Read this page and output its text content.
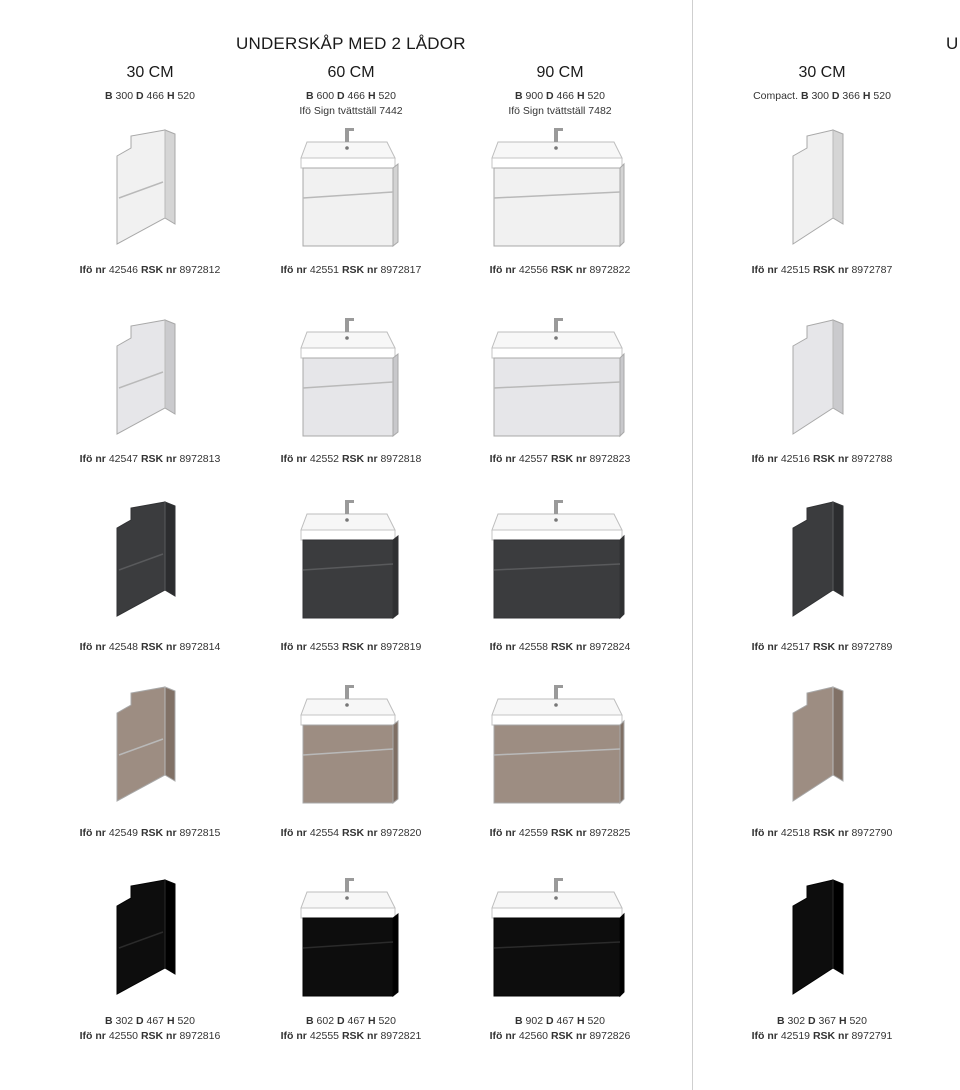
UNDERSKÅP MED 2 LÅDOR	U
30 CM
B 300 D 466 H 520
Ifö nr 42546 RSK nr 8972812
Ifö nr 42547 RSK nr 8972813
Ifö nr 42548 RSK nr 8972814
Ifö nr 42549 RSK nr 8972815
B 302 D 467 H 520
Ifö nr 42550 RSK nr 8972816
60 CM
B 600 D 466 H 520
Ifö Sign tvättställ 7442
Ifö nr 42551 RSK nr 8972817
Ifö nr 42552 RSK nr 8972818
Ifö nr 42553 RSK nr 8972819
Ifö nr 42554 RSK nr 8972820
B 602 D 467 H 520
Ifö nr 42555 RSK nr 8972821
90 CM
B 900 D 466 H 520
Ifö Sign tvättställ 7482
Ifö nr 42556 RSK nr 8972822
Ifö nr 42557 RSK nr 8972823
Ifö nr 42558 RSK nr 8972824
Ifö nr 42559 RSK nr 8972825
B 902 D 467 H 520
Ifö nr 42560 RSK nr 8972826
30 CM
Compact. B 300 D 366 H 520
Ifö nr 42515 RSK nr 8972787
Ifö nr 42516 RSK nr 8972788
Ifö nr 42517 RSK nr 8972789
Ifö nr 42518 RSK nr 8972790
B 302 D 367 H 520
Ifö nr 42519 RSK nr 8972791
